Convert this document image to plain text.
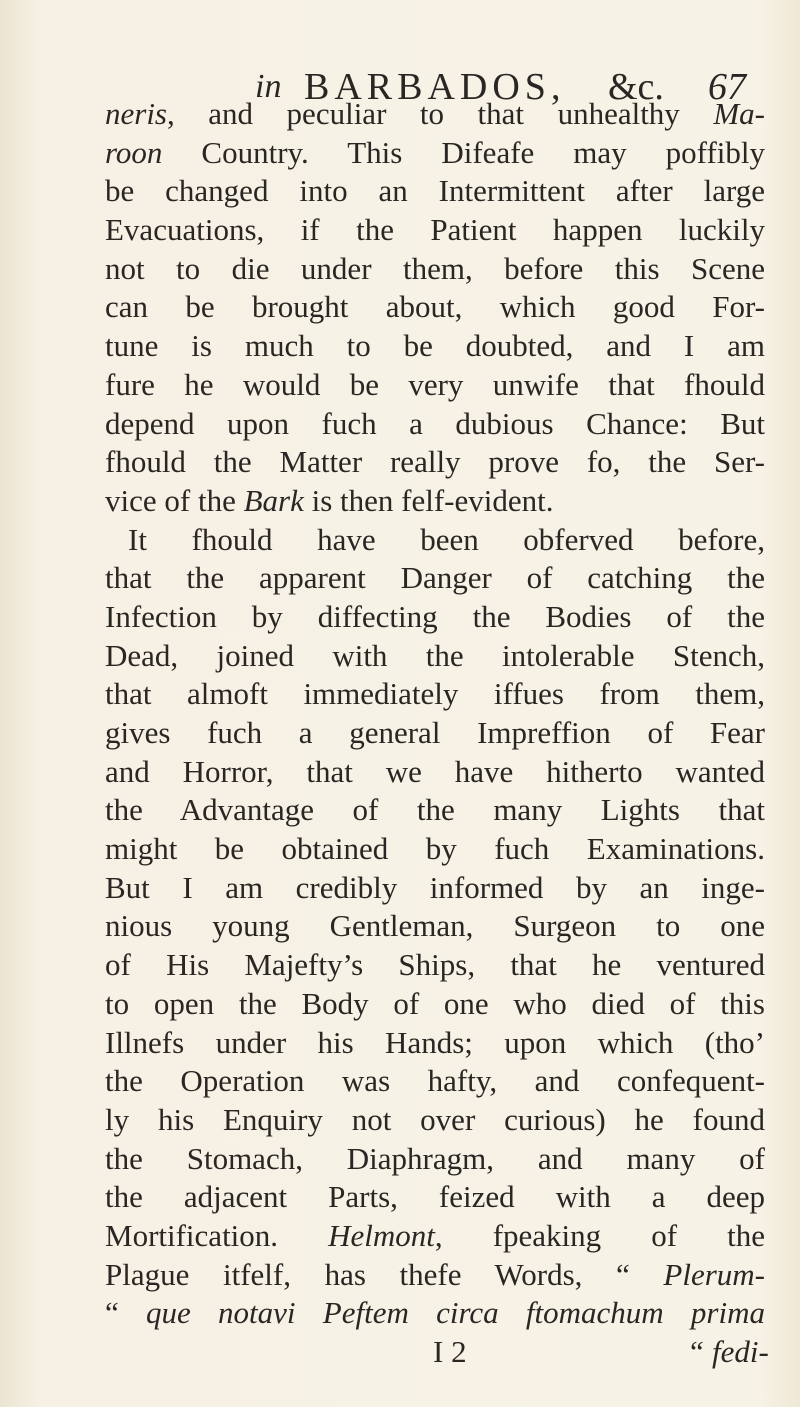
in BARBADOS, &c. 67
neris, and peculiar to that unhealthy Ma-
roon Country. This Difeafe may poffibly
be changed into an Intermittent after large
Evacuations, if the Patient happen luckily
not to die under them, before this Scene
can be brought about, which good For-
tune is much to be doubted, and I am
fure he would be very unwife that fhould
depend upon fuch a dubious Chance: But
fhould the Matter really prove fo, the Ser-
vice of the Bark is then felf-evident.
It fhould have been obferved before,
that the apparent Danger of catching the
Infection by diffecting the Bodies of the
Dead, joined with the intolerable Stench,
that almoft immediately iffues from them,
gives fuch a general Impreffion of Fear
and Horror, that we have hitherto wanted
the Advantage of the many Lights that
might be obtained by fuch Examinations.
But I am credibly informed by an inge-
nious young Gentleman, Surgeon to one
of His Majefty’s Ships, that he ventured
to open the Body of one who died of this
Illnefs under his Hands; upon which (tho’
the Operation was hafty, and confequent-
ly his Enquiry not over curious) he found
the Stomach, Diaphragm, and many of
the adjacent Parts, feized with a deep
Mortification. Helmont, fpeaking of the
Plague itfelf, has thefe Words, “ Plerum-
“ que notavi Peftem circa ftomachum prima
I 2	“ fedi-
